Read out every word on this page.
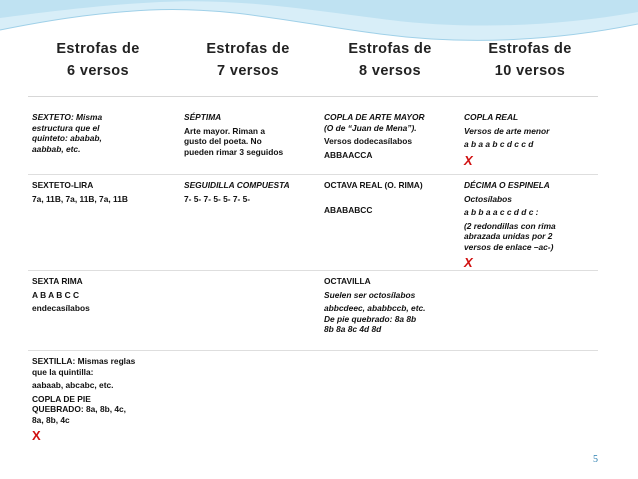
Estrofas de
6 versos
Estrofas de
7 versos
Estrofas de
8 versos
Estrofas de
10 versos

SEXTETO: Misma

estructura que el

quinteto: ababab,

aabbab, etc.

SÉPTIMA

Arte mayor. Riman a

gusto del poeta. No

pueden rimar 3 seguidos

COPLA DE ARTE MAYOR

(O de “Juan de Mena”).

Versos dodecasílabos

ABBAACCA

COPLA REAL

Versos de arte menor

a b a a b c d c c d

X

SEXTETO-LIRA

7a, 11B, 7a, 11B, 7a, 11B

SEGUIDILLA COMPUESTA

7- 5- 7- 5- 5- 7- 5-

OCTAVA REAL (O. RIMA)

ABABABCC

DÉCIMA O ESPINELA

Octosílabos

a b b a a c c d d c :

(2 redondillas con rima

abrazada unidas por 2

versos de enlace –ac-)

X

SEXTA RIMA

A B A B C C

endecasílabos

OCTAVILLA

Suelen ser octosílabos

abbcdeec, ababbccb, etc.

De pie quebrado: 8a 8b

8b 8a 8c 4d 8d

SEXTILLA: Mismas reglas

que la quintilla:

aabaab, abcabc, etc.

COPLA DE PIE

QUEBRADO: 8a, 8b, 4c,

8a, 8b, 4c

X

5
